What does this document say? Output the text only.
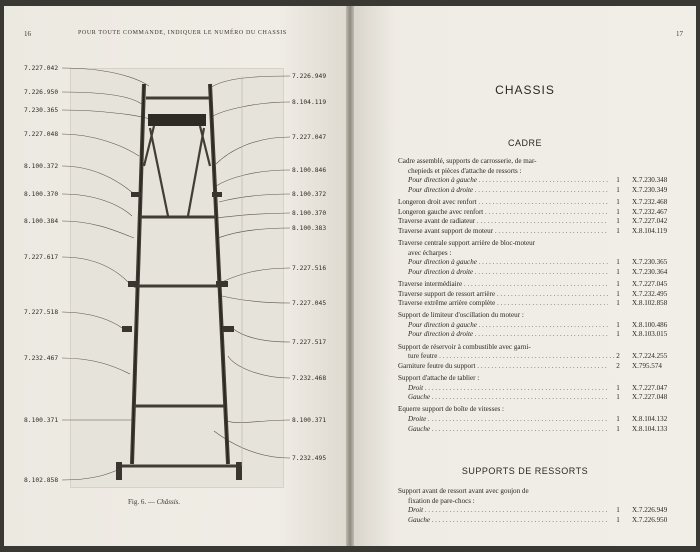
16	POUR TOUTE COMMANDE, INDIQUER LE NUMÉRO DU CHASSIS
7.227.042
7.226.950
7.230.365
7.227.048
8.100.372
8.100.370
8.100.384
7.227.617
7.227.518
7.232.467
8.100.371
8.102.858
7.226.949
8.104.119
7.227.047
8.100.846
8.100.372
8.100.370
8.100.383
7.227.516
7.227.045
7.227.517
7.232.468
8.100.371
7.232.495
Fig. 6. — Châssis.
17
CHASSIS
CADRE
Cadre assemblé, supports de carrosserie, de mar-
chepieds et pièces d'attache de ressorts :
Pour direction à gauche . . .	1	X.7.230.348
Pour direction à droite . . .	1	X.7.230.349
Longeron droit avec renfort . . .	1	X.7.232.468
Longeron gauche avec renfort . . .	1	X.7.232.467
Traverse avant de radiateur . . .	1	X.7.227.042
Traverse avant support de moteur . . .	1	X.8.104.119
Traverse centrale support arrière de bloc-moteur
avec écharpes :
Pour direction à gauche . . .	1	X.7.230.365
Pour direction à droite . . .	1	X.7.230.364
Traverse intermédiaire . . .	1	X.7.227.045
Traverse support de ressort arrière . . .	1	X.7.232.495
Traverse extrême arrière complète . . .	1	X.8.102.858
Support de limiteur d'oscillation du moteur :
Pour direction à gauche . . .	1	X.8.100.486
Pour direction à droite . . .	1	X.8.103.015
Support de réservoir à combustible avec garni-
ture feutre . . .	2	X.7.224.255
Garniture feutre du support . . .	2	X.795.574
Support d'attache de tablier :
Droit . . .	1	X.7.227.047
Gauche . . .	1	X.7.227.048
Equerre support de boîte de vitesses :
Droite . . .	1	X.8.104.132
Gauche . . .	1	X.8.104.133
SUPPORTS DE RESSORTS
Support avant de ressort avant avec goujon de
fixation de pare-chocs :
Droit . . .	1	X.7.226.949
Gauche . . .	1	X.7.226.950
